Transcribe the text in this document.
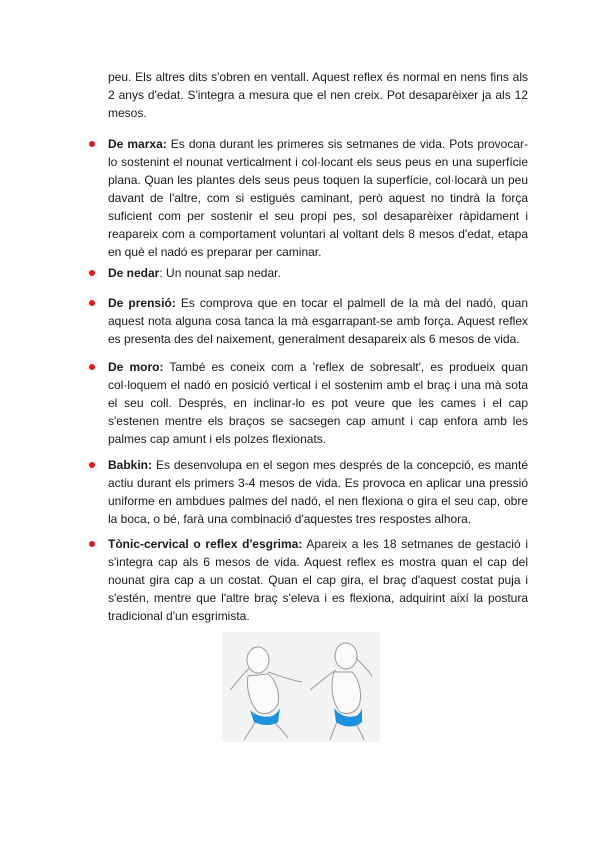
peu. Els altres dits s'obren en ventall. Aquest reflex és normal en nens fins als 2 anys d'edat. S'integra a mesura que el nen creix. Pot desaparèixer ja als 12 mesos.
De marxa: Es dona durant les primeres sis setmanes de vida. Pots provocar-lo sostenint el nounat verticalment i col·locant els seus peus en una superfície plana. Quan les plantes dels seus peus toquen la superfície, col·locarà un peu davant de l'altre, com si estigués caminant, però aquest no tindrà la força suficient com per sostenir el seu propi pes, sol desaparèixer ràpidament i reapareix com a comportament voluntari al voltant dels 8 mesos d'edat, etapa en què el nadó es preparar per caminar.
De nedar: Un nounat sap nedar.
De prensió: Es comprova que en tocar el palmell de la mà del nadó, quan aquest nota alguna cosa tanca la mà esgarrapant-se amb força. Aquest reflex es presenta des del naixement, generalment desapareix als 6 mesos de vida.
De moro: També es coneix com a 'reflex de sobresalt', es produeix quan col·loquem el nadó en posició vertical i el sostenim amb el braç i una mà sota el seu coll. Després, en inclinar-lo es pot veure que les cames i el cap s'estenen mentre els braços se sacsegen cap amunt i cap enfora amb les palmes cap amunt i els polzes flexionats.
Babkin: Es desenvolupa en el segon mes després de la concepció, es manté actiu durant els primers 3-4 mesos de vida. Es provoca en aplicar una pressió uniforme en ambdues palmes del nadó, el nen flexiona o gira el seu cap, obre la boca, o bé, farà una combinació d'aquestes tres respostes alhora.
Tònic-cervical o reflex d'esgrima: Apareix a les 18 setmanes de gestació i s'integra cap als 6 mesos de vida. Aquest reflex es mostra quan el cap del nounat gira cap a un costat. Quan el cap gira, el braç d'aquest costat puja i s'estén, mentre que l'altre braç s'eleva i es flexiona, adquirint així la postura tradicional d'un esgrimista.
